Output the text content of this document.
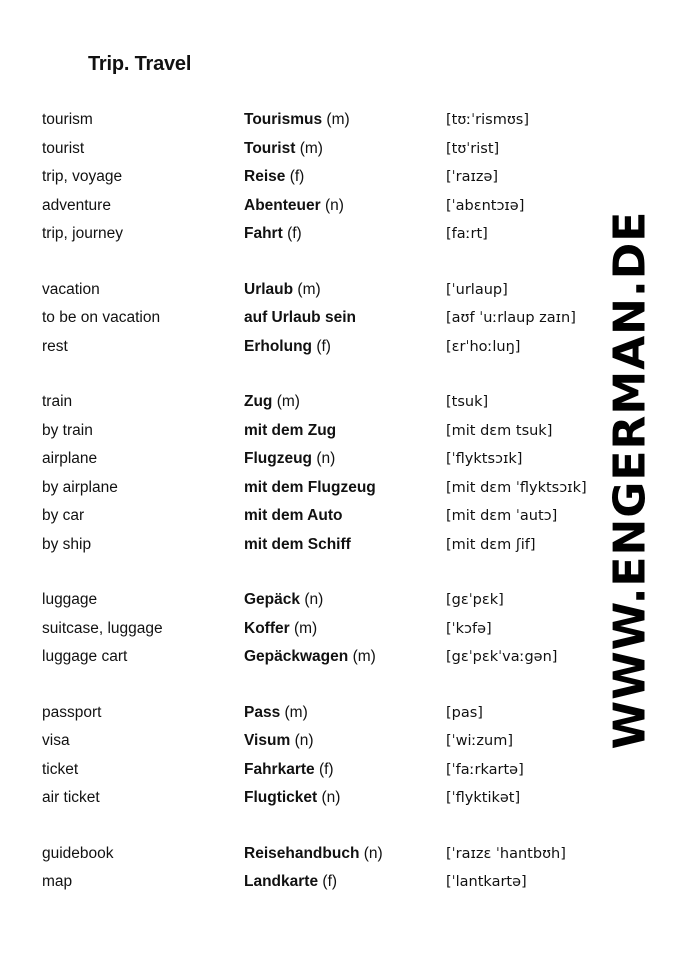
Trip. Travel
tourism	Tourismus (m)	[tʊːˈrismʊs]
tourist	Tourist (m)	[tʊˈrist]
trip, voyage	Reise (f)	[ˈraɪzə]
adventure	Abenteuer (n)	[ˈabɛntɔɪə]
trip, journey	Fahrt (f)	[faːrt]
vacation	Urlaub (m)	[ˈurlaup]
to be on vacation	auf Urlaub sein	[aʊf ˈuːrlaup zaɪn]
rest	Erholung (f)	[ɛrˈhoːluŋ]
train	Zug (m)	[tsuk]
by train	mit dem Zug	[mit dɛm tsuk]
airplane	Flugzeug (n)	[ˈflyktsɔɪk]
by airplane	mit dem Flugzeug	[mit dɛm ˈflyktsɔɪk]
by car	mit dem Auto	[mit dɛm ˈautɔ]
by ship	mit dem Schiff	[mit dɛm ʃif]
luggage	Gepäck (n)	[gɛˈpɛk]
suitcase, luggage	Koffer (m)	[ˈkɔfə]
luggage cart	Gepäckwagen (m)	[gɛˈpɛkˈvaːgən]
passport	Pass (m)	[pas]
visa	Visum (n)	[ˈwiːzum]
ticket	Fahrkarte (f)	[ˈfaːrkartə]
air ticket	Flugticket (n)	[ˈflyktikət]
guidebook	Reisehandbuch (n)	[ˈraɪzɛ ˈhantbʊh]
map	Landkarte (f)	[ˈlantkartə]
WWW.ENGERMAN.DE
